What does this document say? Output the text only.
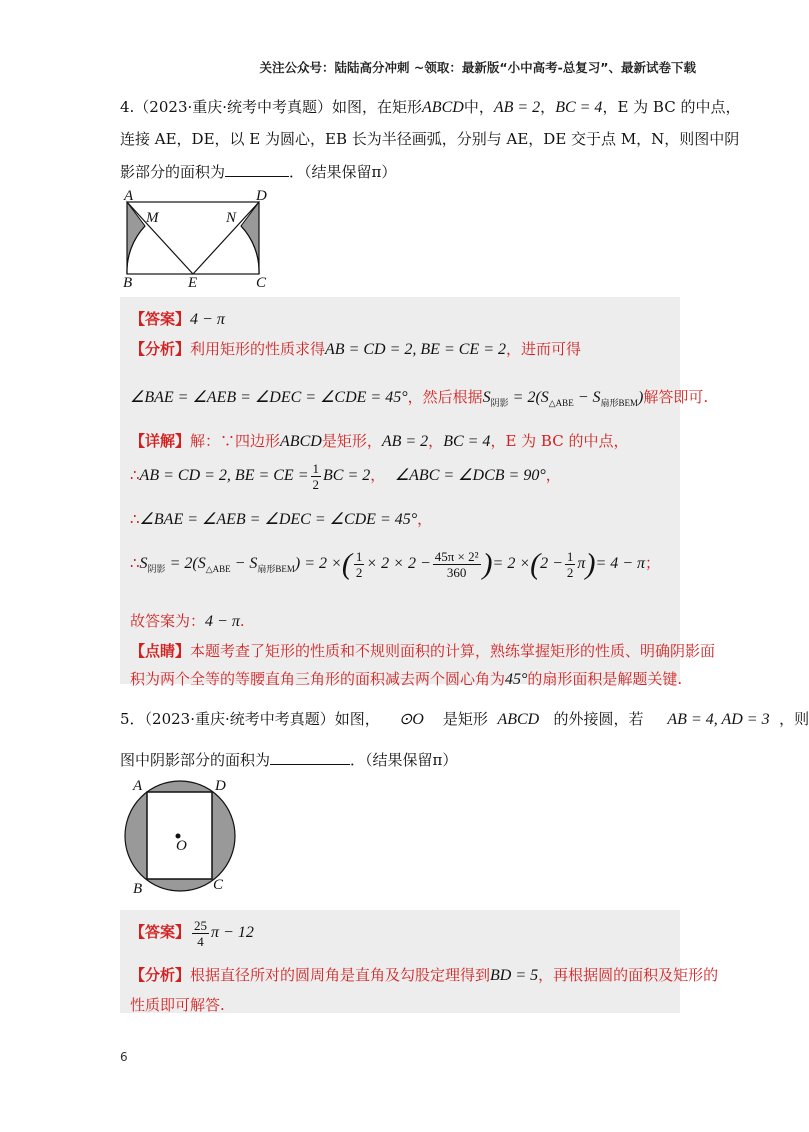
关注公众号：陆陆高分冲刺 ~领取：最新版“小中高考-总复习”、最新试卷下载
4.（2023·重庆·统考中考真题）如图，在矩形ABCD中，AB = 2，BC = 4，E 为 BC 的中点，
连接 AE，DE，以 E 为圆心，EB 长为半径画弧，分别与 AE，DE 交于点 M，N，则图中阴
影部分的面积为	．（结果保留π）
A	D
M	N
B	E	C
【答案】4 − π
【分析】利用矩形的性质求得AB = CD = 2, BE = CE = 2，进而可得
∠BAE = ∠AEB = ∠DEC = ∠CDE = 45°，然后根据$S_{阴影} = 2(S_{\triangle ABE} - S_{扇形BEM})$解答即可.
【详解】解：∵四边形ABCD是矩形，AB = 2，BC = 4，E 为 BC 的中点，
∴AB = CD = 2, BE = CE = $\frac{1}{2}$ BC = 2， ∠ABC = ∠DCB = 90°，
∴∠BAE = ∠AEB = ∠DEC = ∠CDE = 45°，
$\therefore S_{阴影} = 2(S_{\triangle ABE} - S_{扇形BEM}) = 2$ ×( $\frac{1}{2} \times 2 \times 2 - \frac{\text{45π × 2²}}{360}$ )= $2 \times(2 - \frac{1}{2} \pi)= 4 - \pi$；
故答案为：4 − π.
【点睛】本题考查了矩形的性质和不规则面积的计算，熟练掌握矩形的性质、明确阴影面
积为两个全等的等腰直角三角形的面积减去两个圆心角为45°的扇形面积是解题关键.
5．（2023·重庆·统考中考真题）如图， ⊙O 是矩形 ABCD 的外接圆，若 AB = 4, AD = 3 ，则
图中阴影部分的面积为	．（结果保留π）
A	D
O
B	C
【答案】 $\frac{25}{4}$ π − 12
【分析】根据直径所对的圆周角是直角及勾股定理得到BD = 5，再根据圆的面积及矩形的
性质即可解答.
6
